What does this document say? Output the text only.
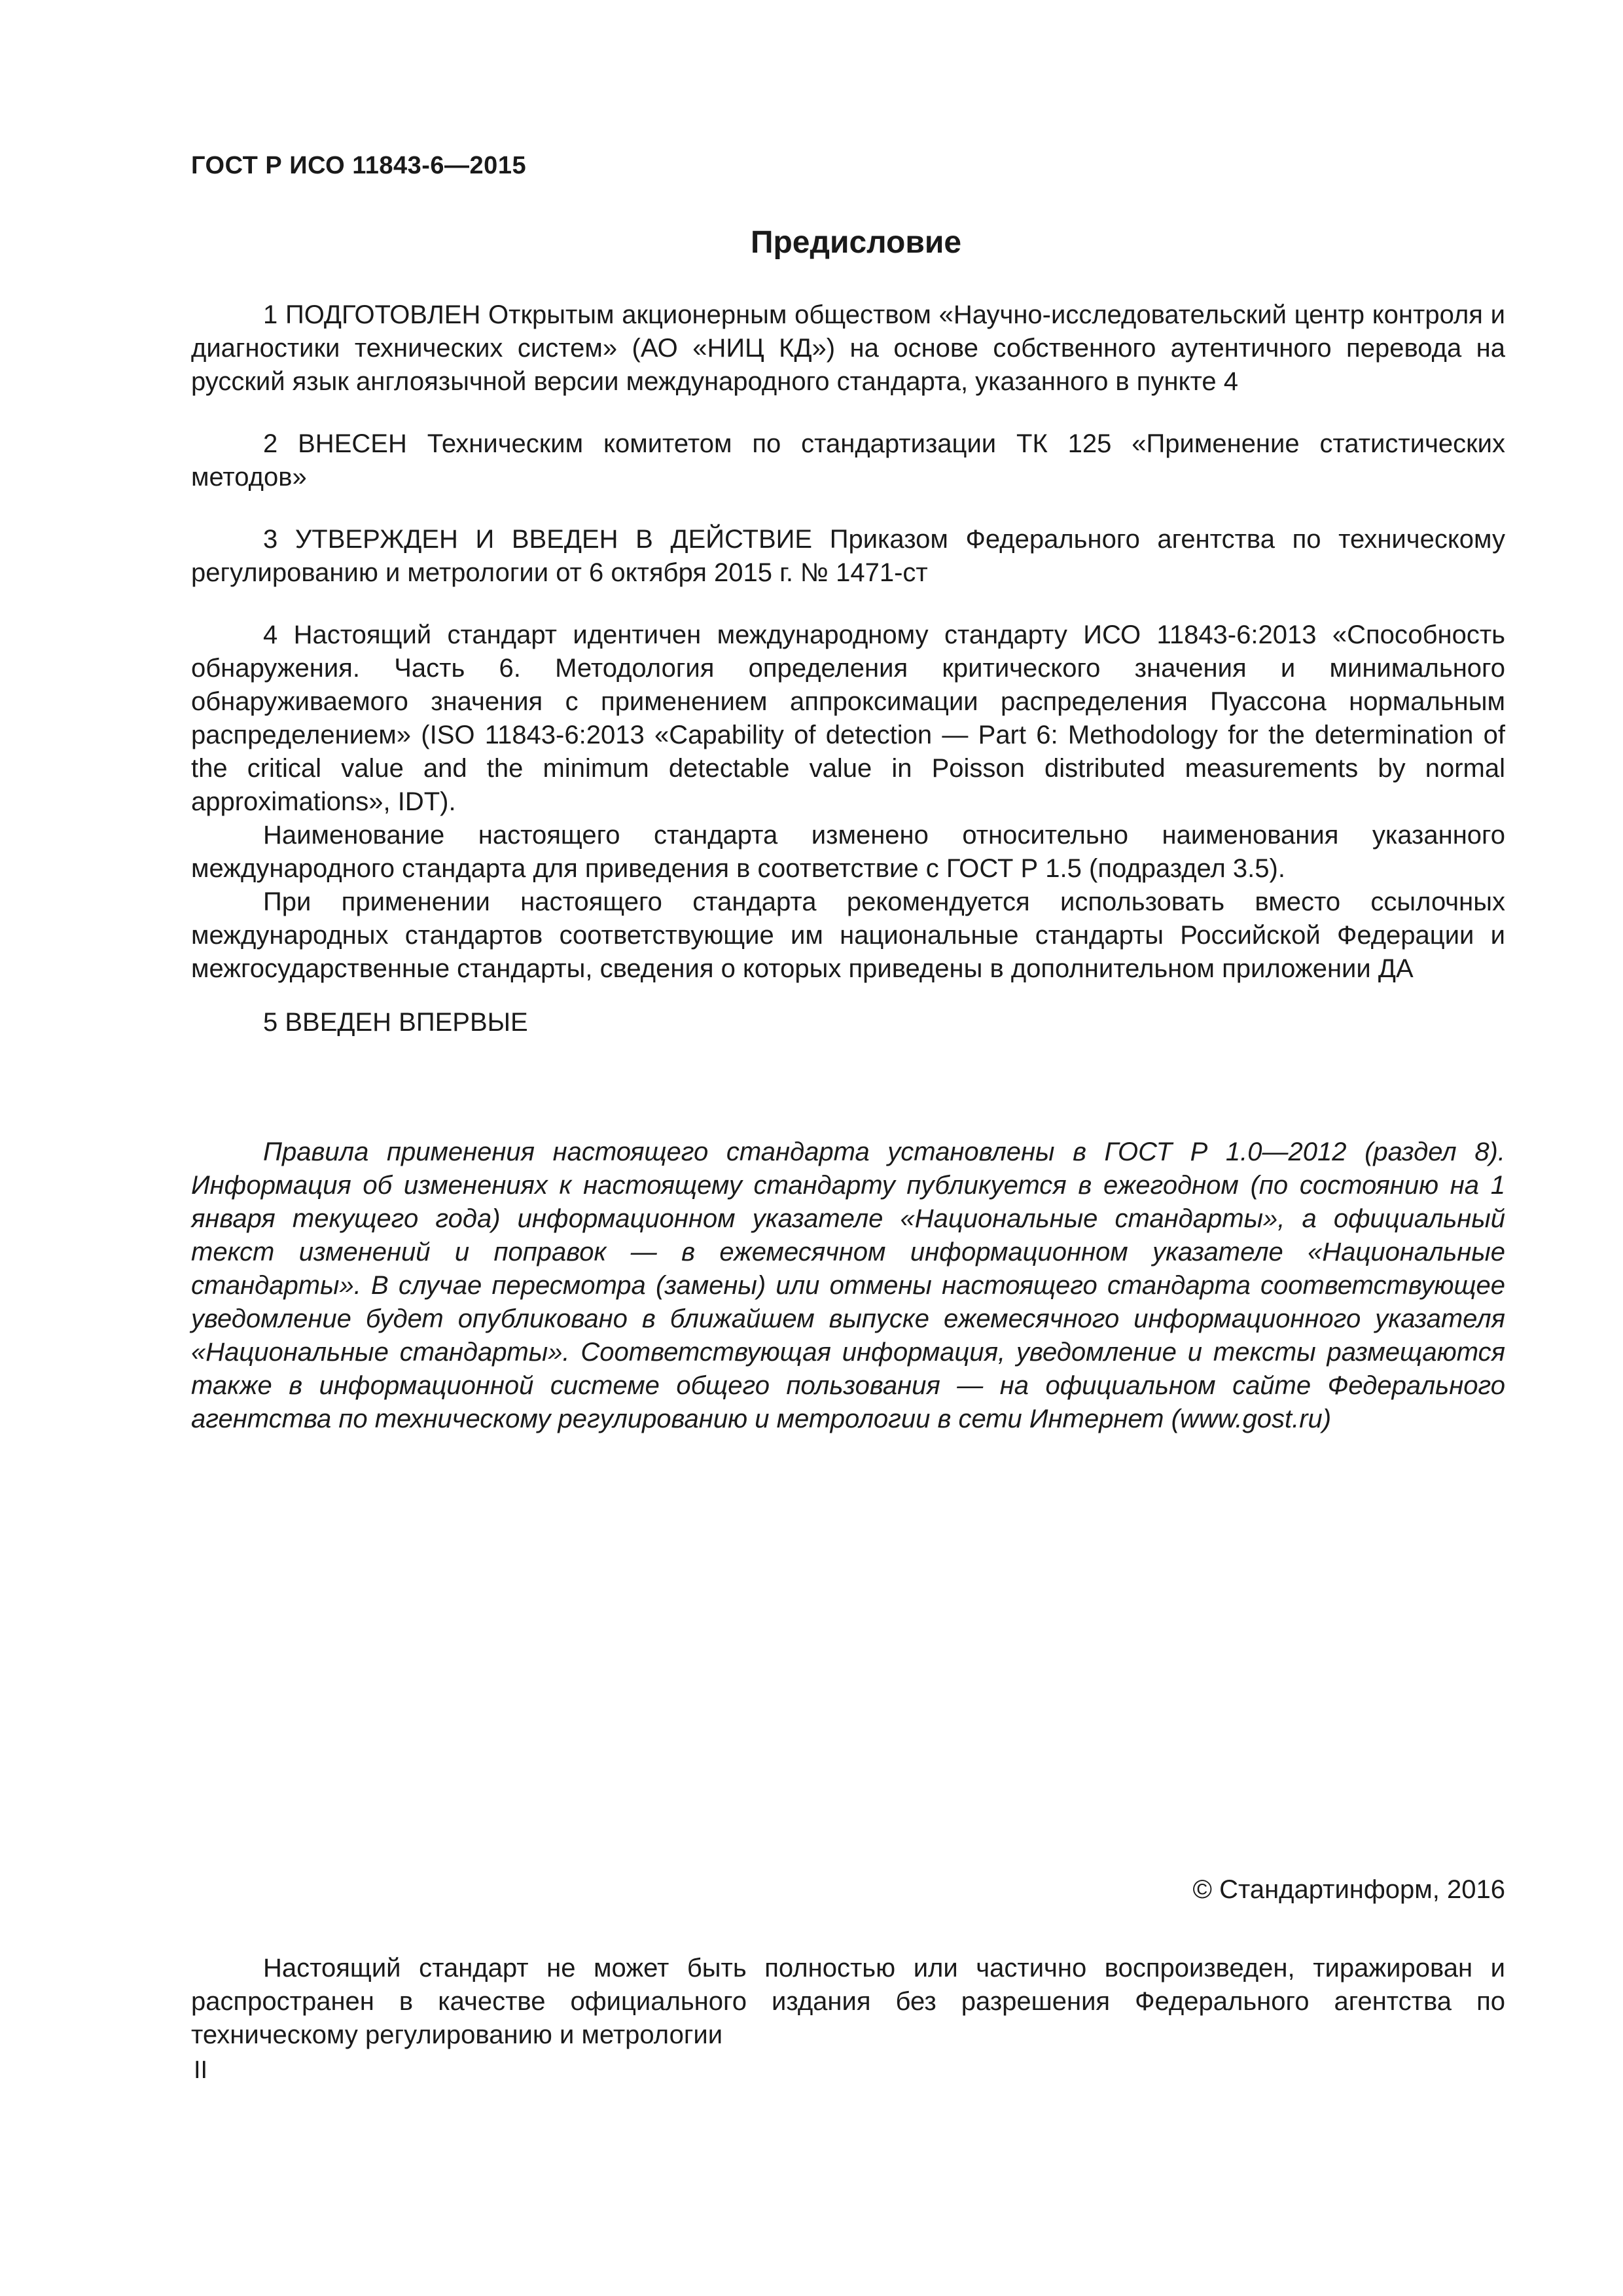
ГОСТ Р ИСО 11843-6—2015
Предисловие

1 ПОДГОТОВЛЕН Открытым акционерным обществом «Научно-исследовательский центр контроля и диагностики технических систем» (АО «НИЦ КД») на основе собственного аутентичного перевода на русский язык англоязычной версии международного стандарта, указанного в пункте 4

2 ВНЕСЕН Техническим комитетом по стандартизации ТК 125 «Применение статистических методов»

3 УТВЕРЖДЕН И ВВЕДЕН В ДЕЙСТВИЕ Приказом Федерального агентства по техническому регулированию и метрологии от 6 октября 2015 г. № 1471-ст

4 Настоящий стандарт идентичен международному стандарту ИСО 11843-6:2013 «Способность обнаружения. Часть 6. Методология определения критического значения и минимального обнаруживаемого значения с применением аппроксимации распределения Пуассона нормальным распределением» (ISO 11843-6:2013 «Capability of detection — Part 6: Methodology for the determination of the critical value and the minimum detectable value in Poisson distributed measurements by normal approximations», IDT).

Наименование настоящего стандарта изменено относительно наименования указанного международного стандарта для приведения в соответствие с ГОСТ Р 1.5 (подраздел 3.5).

При применении настоящего стандарта рекомендуется использовать вместо ссылочных международных стандартов соответствующие им национальные стандарты Российской Федерации и межгосударственные стандарты, сведения о которых приведены в дополнительном приложении ДА

5 ВВЕДЕН ВПЕРВЫЕ

Правила применения настоящего стандарта установлены в ГОСТ Р 1.0—2012 (раздел 8). Информация об изменениях к настоящему стандарту публикуется в ежегодном (по состоянию на 1 января текущего года) информационном указателе «Национальные стандарты», а официальный текст изменений и поправок — в ежемесячном информационном указателе «Национальные стандарты». В случае пересмотра (замены) или отмены настоящего стандарта соответствующее уведомление будет опубликовано в ближайшем выпуске ежемесячного информационного указателя «Национальные стандарты». Соответствующая информация, уведомление и тексты размещаются также в информационной системе общего пользования — на официальном сайте Федерального агентства по техническому регулированию и метрологии в сети Интернет (www.gost.ru)

© Стандартинформ, 2016

Настоящий стандарт не может быть полностью или частично воспроизведен, тиражирован и распространен в качестве официального издания без разрешения Федерального агентства по техническому регулированию и метрологии

II
